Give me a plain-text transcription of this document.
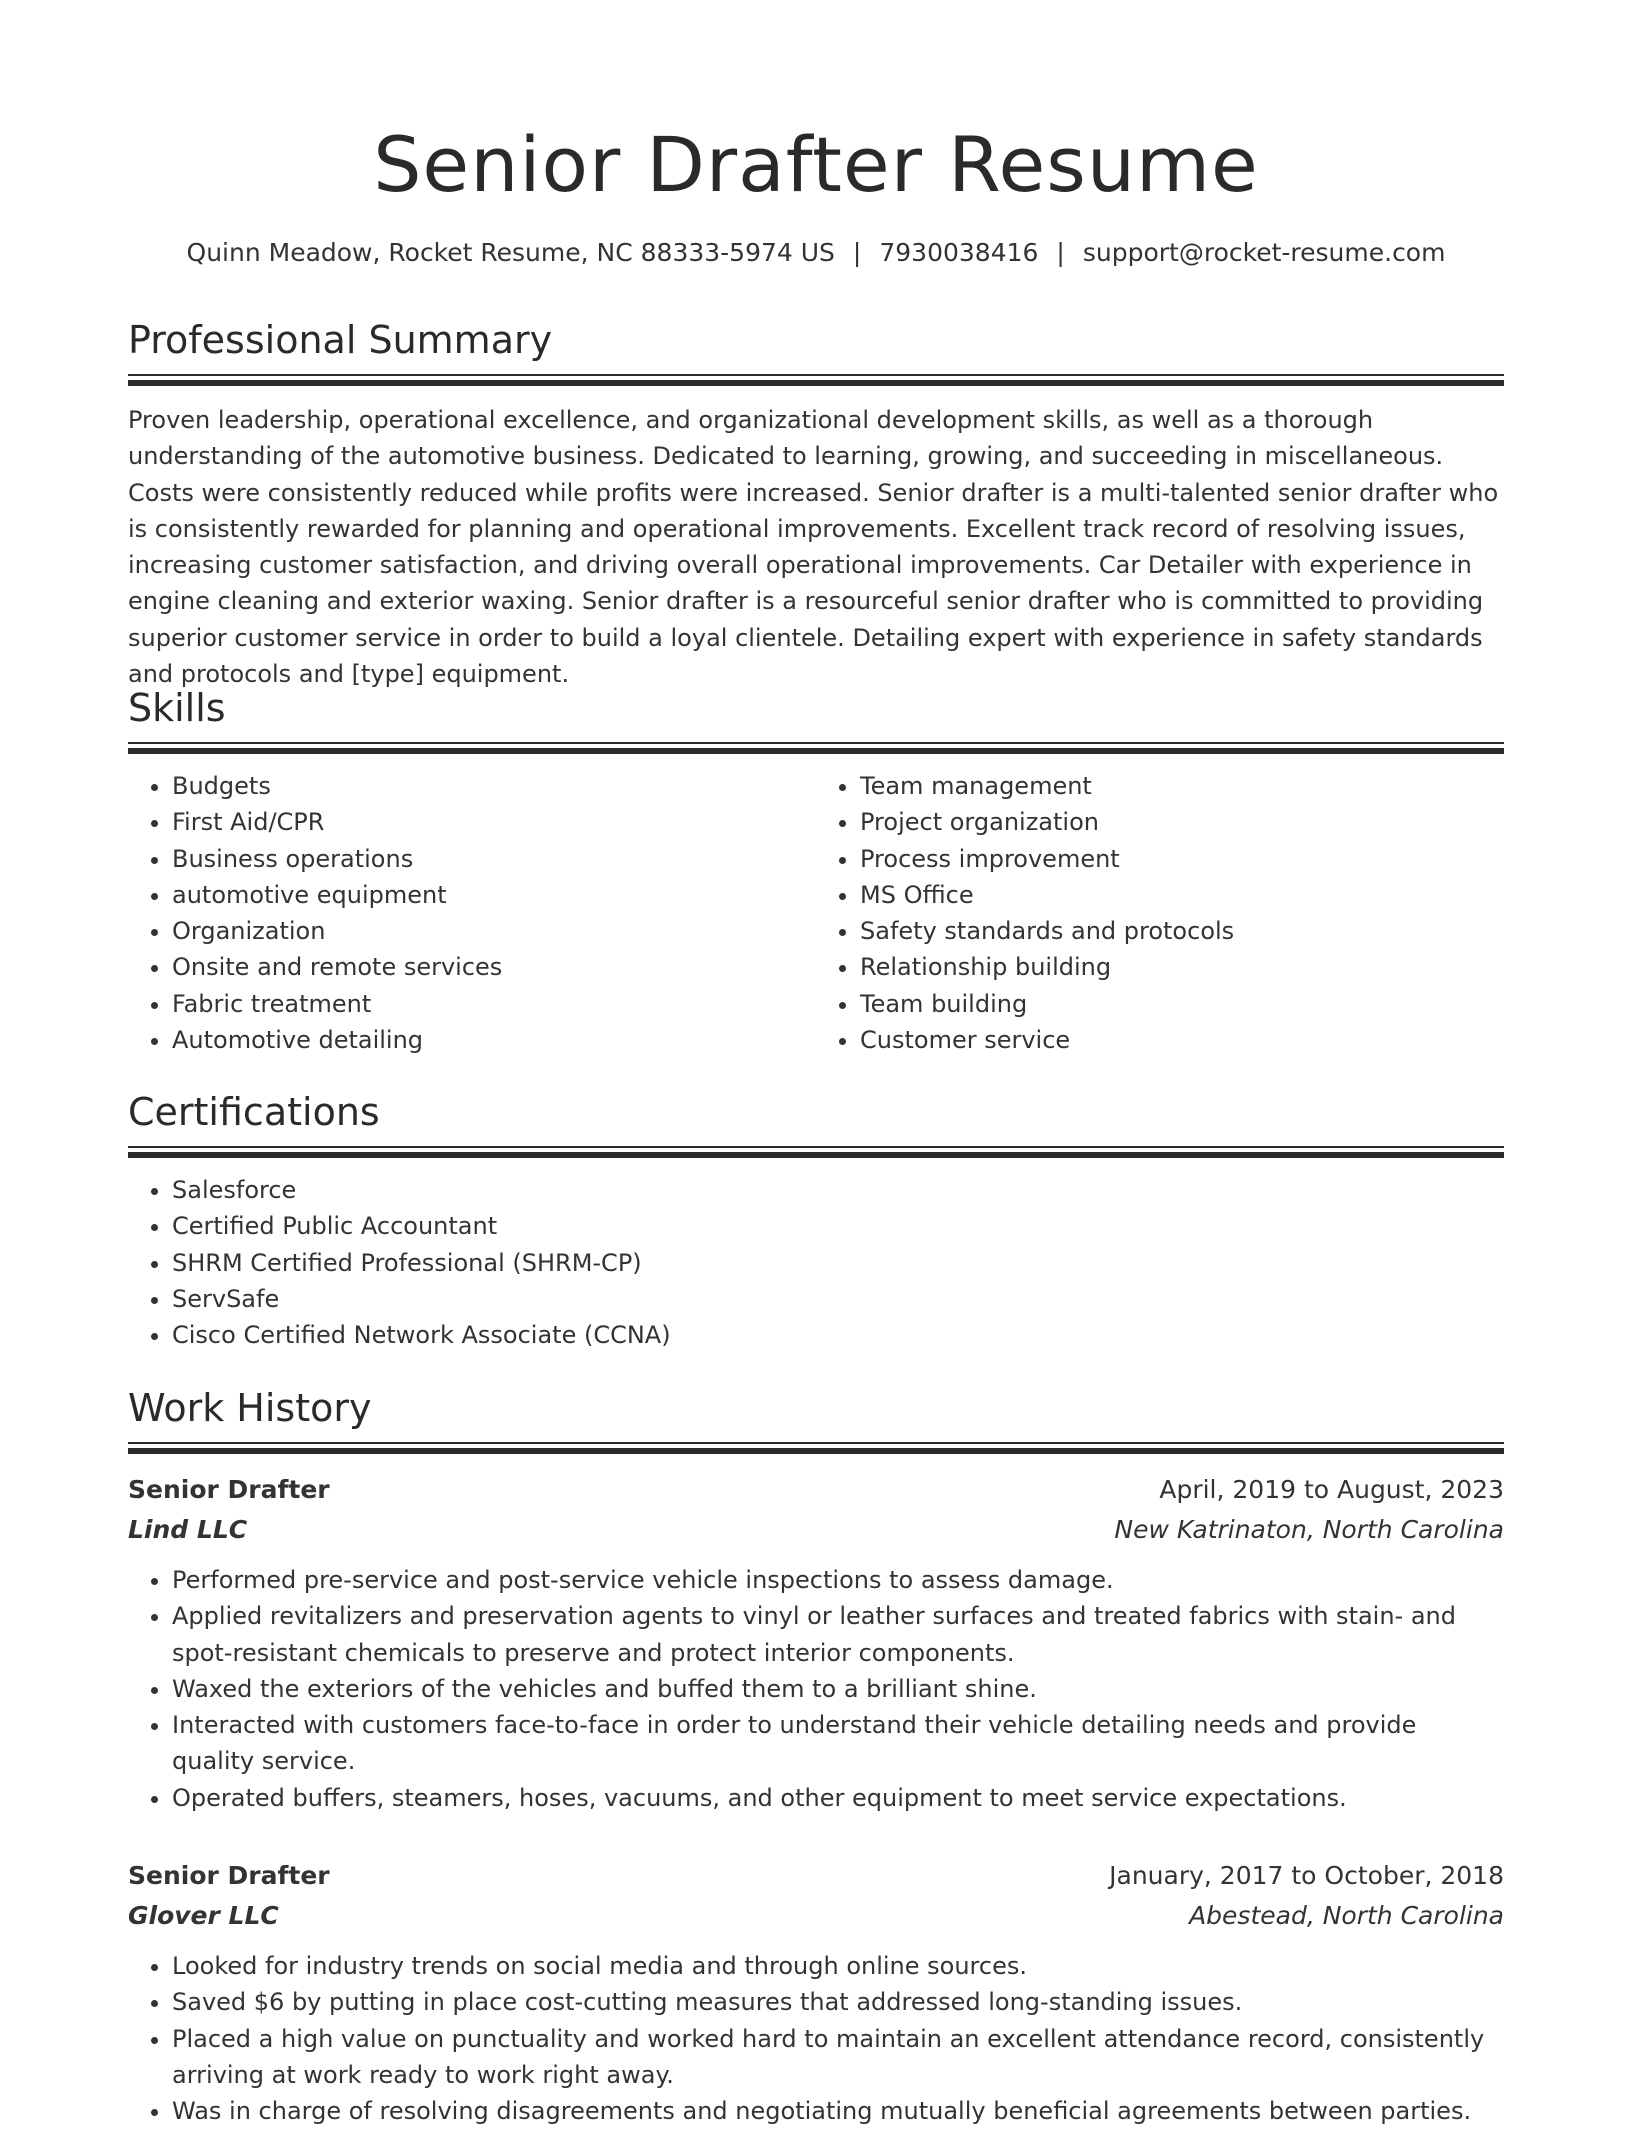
Senior Drafter Resume
Quinn Meadow, Rocket Resume, NC 88333-5974 US | 7930038416 | support@rocket-resume.com
Professional Summary

Proven leadership, operational excellence, and organizational development skills, as well as a thorough understanding of the automotive business. Dedicated to learning, growing, and succeeding in miscellaneous. Costs were consistently reduced while profits were increased. Senior drafter is a multi-talented senior drafter who is consistently rewarded for planning and operational improvements. Excellent track record of resolving issues, increasing customer satisfaction, and driving overall operational improvements. Car Detailer with experience in engine cleaning and exterior waxing. Senior drafter is a resourceful senior drafter who is committed to providing superior customer service in order to build a loyal clientele. Detailing expert with experience in safety standards and protocols and [type] equipment.

Skills
• Budgets
• First Aid/CPR
• Business operations
• automotive equipment
• Organization
• Onsite and remote services
• Fabric treatment
• Automotive detailing
• Team management
• Project organization
• Process improvement
• MS Office
• Safety standards and protocols
• Relationship building
• Team building
• Customer service
Certifications
• Salesforce
• Certified Public Accountant
• SHRM Certified Professional (SHRM-CP)
• ServSafe
• Cisco Certified Network Associate (CCNA)
Work History
Senior Drafter	April, 2019 to August, 2023
Lind LLC	New Katrinaton, North Carolina
• Performed pre-service and post-service vehicle inspections to assess damage.
• Applied revitalizers and preservation agents to vinyl or leather surfaces and treated fabrics with stain- and spot-resistant chemicals to preserve and protect interior components.
• Waxed the exteriors of the vehicles and buffed them to a brilliant shine.
• Interacted with customers face-to-face in order to understand their vehicle detailing needs and provide quality service.
• Operated buffers, steamers, hoses, vacuums, and other equipment to meet service expectations.
Senior Drafter	January, 2017 to October, 2018
Glover LLC	Abestead, North Carolina
• Looked for industry trends on social media and through online sources.
• Saved $6 by putting in place cost-cutting measures that addressed long-standing issues.
• Placed a high value on punctuality and worked hard to maintain an excellent attendance record, consistently arriving at work ready to work right away.
• Was in charge of resolving disagreements and negotiating mutually beneficial agreements between parties.
